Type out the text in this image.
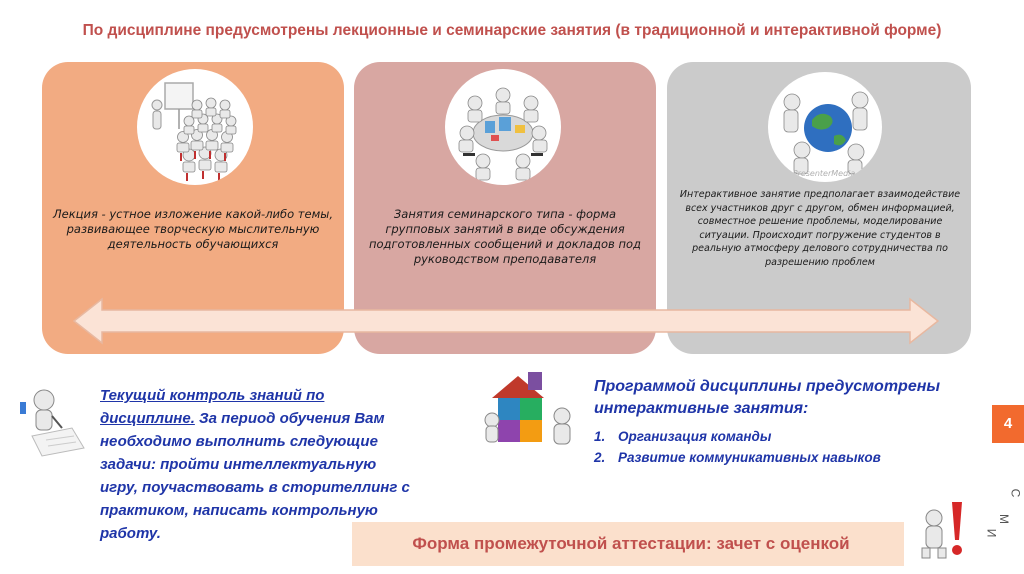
По дисциплине предусмотрены лекционные и семинарские занятия (в традиционной и интерактивной форме)
PresenterMedia
Лекция - устное изложение какой-либо темы, развивающее творческую мыслительную деятельность обучающихся
Занятия семинарского типа - форма групповых занятий в виде обсуждения подготовленных сообщений и докладов под руководством преподавателя
Интерактивное занятие предполагает взаимодействие всех участников друг с другом, обмен информацией, совместное решение проблемы, моделирование ситуации. Происходит погружение студентов в реальную атмосферу делового сотрудничества по разрешению проблем
Текущий контроль знаний по дисциплине. За период обучения Вам необходимо выполнить следующие задачи: пройти интеллектуальную игру, поучаствовать в сторителлинг с практиком, написать контрольную работу.
Программой дисциплины предусмотрены интерактивные занятия:
1. Организация команды
2. Развитие коммуникативных навыков
Форма промежуточной аттестации: зачет с оценкой
4
И
М
С
